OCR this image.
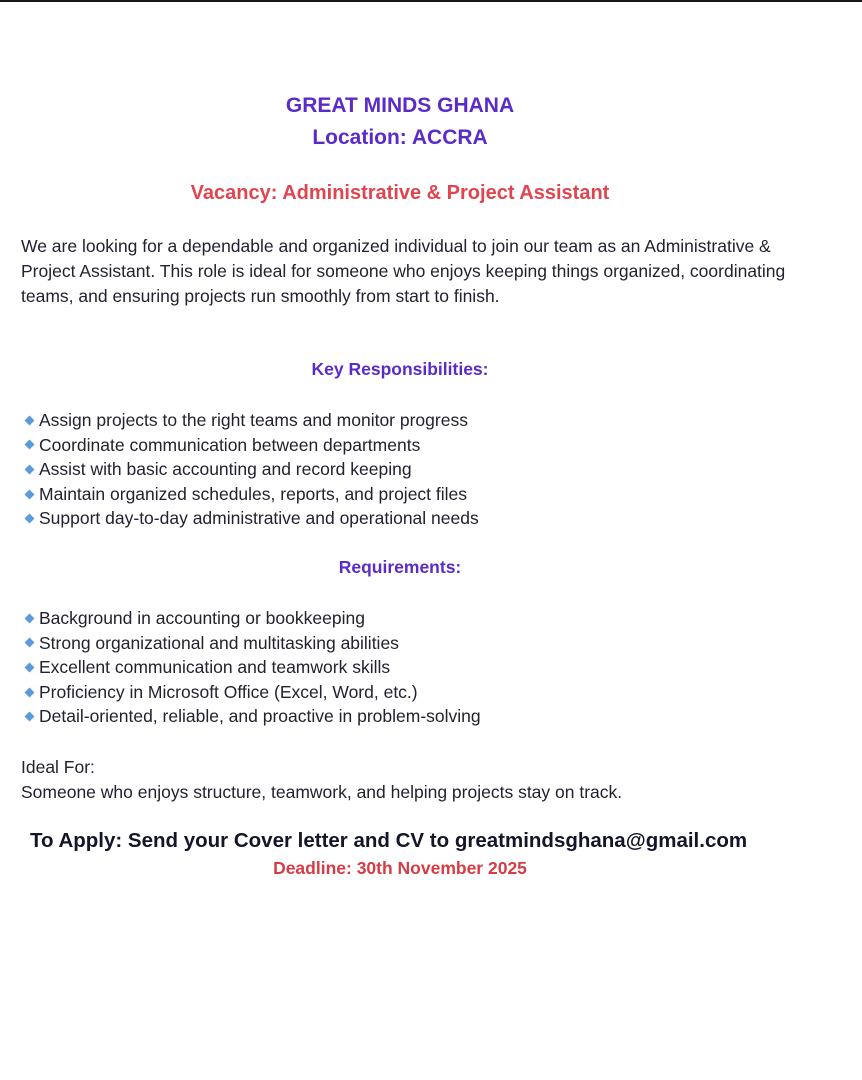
GREAT MINDS GHANA
Location: ACCRA
Vacancy: Administrative & Project Assistant
We are looking for a dependable and organized individual to join our team as an Administrative & Project Assistant. This role is ideal for someone who enjoys keeping things organized, coordinating teams, and ensuring projects run smoothly from start to finish.
Key Responsibilities:
Assign projects to the right teams and monitor progress
Coordinate communication between departments
Assist with basic accounting and record keeping
Maintain organized schedules, reports, and project files
Support day-to-day administrative and operational needs
Requirements:
Background in accounting or bookkeeping
Strong organizational and multitasking abilities
Excellent communication and teamwork skills
Proficiency in Microsoft Office (Excel, Word, etc.)
Detail-oriented, reliable, and proactive in problem-solving
Ideal For:
Someone who enjoys structure, teamwork, and helping projects stay on track.
To Apply: Send your Cover letter and CV to greatmindsghana@gmail.com
Deadline: 30th November 2025
